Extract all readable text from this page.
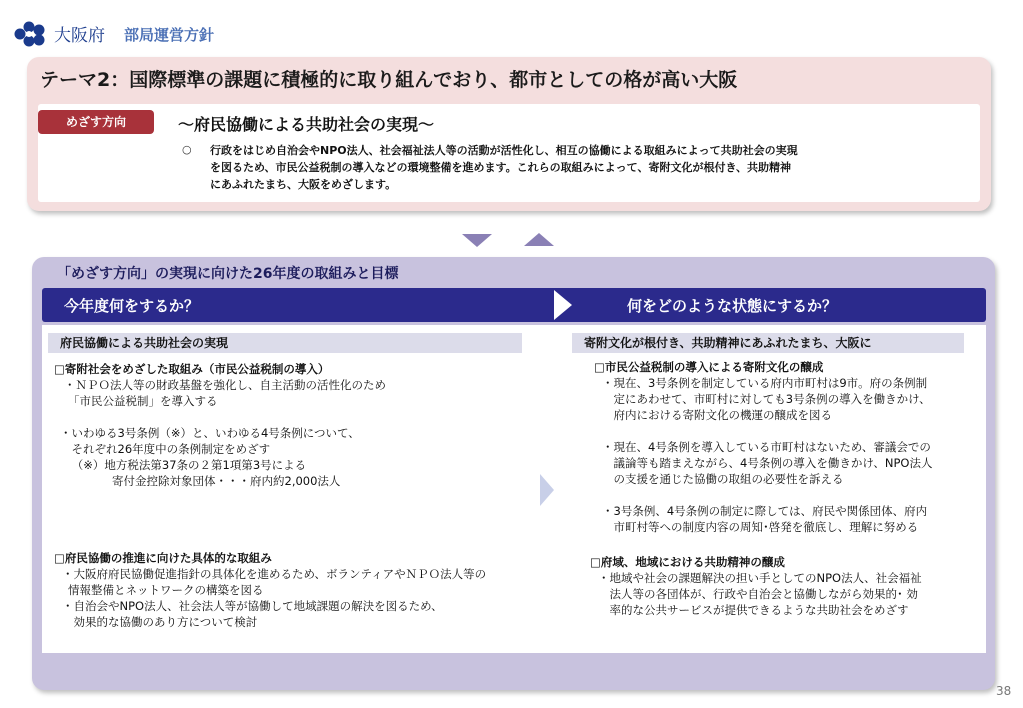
大阪府 部局運営方針
テーマ2：国際標準の課題に積極的に取り組んでおり、都市としての格が高い大阪
めざす方向	～府民協働による共助社会の実現～
○ 行政をはじめ自治会やNPO法人、社会福祉法人等の活動が活性化し、相互の協働による取組みによって共助社会の実現
を図るため、市民公益税制の導入などの環境整備を進めます。これらの取組みによって、寄附文化が根付き、共助精神
にあふれたまち、大阪をめざします。
「めざす方向」の実現に向けた26年度の取組みと目標
今年度何をするか？	何をどのような状態にするか？
府民協働による共助社会の実現	寄附文化が根付き、共助精神にあふれたまち、大阪に
□寄附社会をめざした取組み（市民公益税制の導入）
・ＮＰＯ法人等の財政基盤を強化し、自主活動の活性化のため
「市民公益税制」を導入する
・いわゆる3号条例（※）と、いわゆる4号条例について、
　それぞれ26年度中の条例制定をめざす
　（※）地方税法第37条の２第1項第3号による
　　　　寄付金控除対象団体・・・府内約2,000法人
□府民協働の推進に向けた具体的な取組み
・大阪府府民協働促進指針の具体化を進めるため、ボランティアやＮＰＯ法人等の
情報整備とネットワークの構築を図る
・自治会やNPO法人、社会法人等が協働して地域課題の解決を図るため、
　効果的な協働のあり方について検討
□市民公益税制の導入による寄附文化の醸成
・現在、3号条例を制定している府内市町村は9市。府の条例制
　定にあわせて、市町村に対しても3号条例の導入を働きかけ、
　府内における寄附文化の機運の醸成を図る
・現在、4号条例を導入している市町村はないため、審議会での
　議論等も踏まえながら、4号条例の導入を働きかけ、NPO法人
　の支援を通じた協働の取組の必要性を訴える
・3号条例、4号条例の制定に際しては、府民や関係団体、府内
　市町村等への制度内容の周知･啓発を徹底し、理解に努める
□府域、地域における共助精神の醸成
・地域や社会の課題解決の担い手としてのNPO法人、社会福祉
　法人等の各団体が、行政や自治会と協働しながら効果的･ 効
　率的な公共サービスが提供できるような共助社会をめざす
38
